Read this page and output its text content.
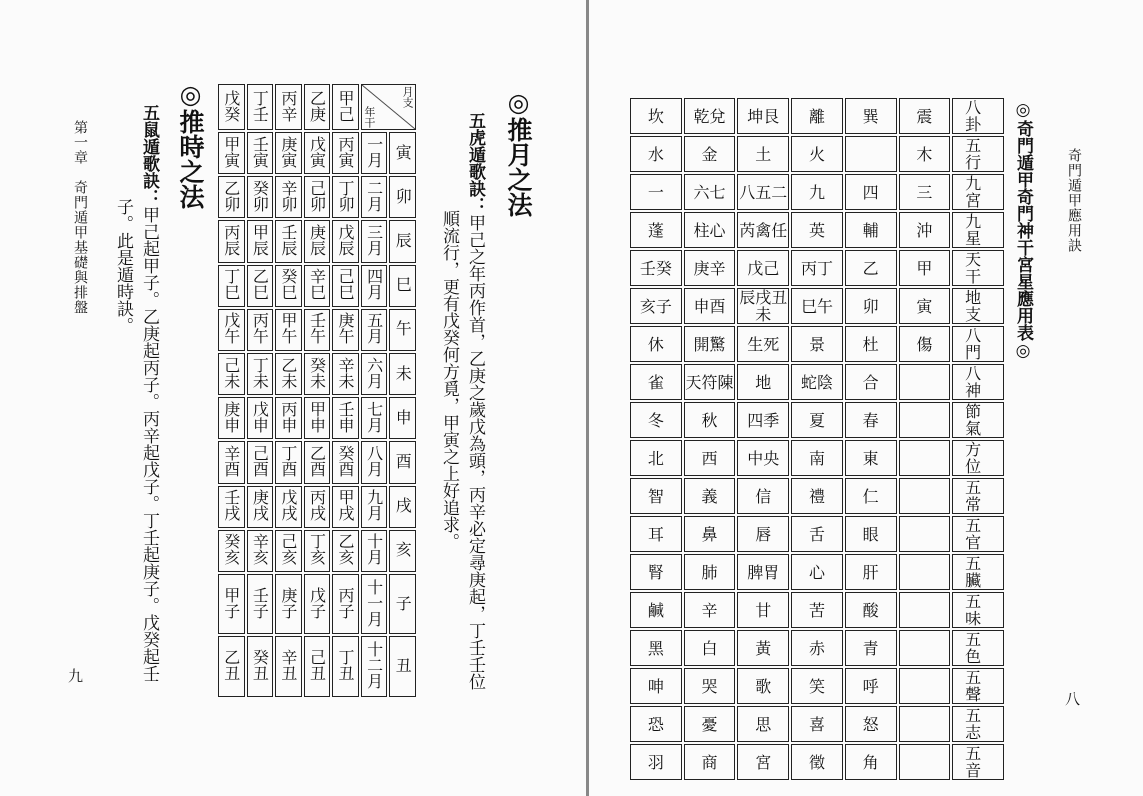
◎推月之法
五虎遁歌訣：甲己之年丙作首，乙庚之歲戊為頭，丙辛必定尋庚起，丁壬壬位
順流行，更有戊癸何方覓，甲寅之上好追求。
戊癸	丁壬	丙辛	乙庚	甲己	月支
年干	

甲寅	壬寅	庚寅	戊寅	丙寅	一月	寅
乙卯	癸卯	辛卯	己卯	丁卯	二月	卯
丙辰	甲辰	壬辰	庚辰	戊辰	三月	辰
丁巳	乙巳	癸巳	辛巳	己巳	四月	巳
戊午	丙午	甲午	壬午	庚午	五月	午
己未	丁未	乙未	癸未	辛未	六月	未
庚申	戊申	丙申	甲申	壬申	七月	申
辛酉	己酉	丁酉	乙酉	癸酉	八月	酉
壬戌	庚戌	戊戌	丙戌	甲戌	九月	戌
癸亥	辛亥	己亥	丁亥	乙亥	十月	亥
甲子	壬子	庚子	戊子	丙子	十一月	子
乙丑	癸丑	辛丑	己丑	丁丑	十二月	丑
◎推時之法
五鼠遁歌訣：甲己起甲子。乙庚起丙子。丙辛起戊子。丁壬起庚子。戊癸起壬
子。此是遁時訣。
第一章　奇門遁甲基礎與排盤
九
◎奇門遁甲奇門神干宮星應用表◎
坎	乾兌	坤艮	離	巽	震	八卦
水	金	土	火		木	五行
一	六七	八五二	九	四	三	九宮
蓬	柱心	芮禽任	英	輔	沖	九星
壬癸	庚辛	戊己	丙丁	乙	甲	天干
亥子	申酉	辰戌丑未	巳午	卯	寅	地支
休	開驚	生死	景	杜	傷	八門
雀	天符陳	地	蛇陰	合		八神
冬	秋	四季	夏	春		節氣
北	西	中央	南	東		方位
智	義	信	禮	仁		五常
耳	鼻	唇	舌	眼		五官
腎	肺	脾胃	心	肝		五臟
鹹	辛	甘	苦	酸		五味
黑	白	黃	赤	青		五色
呻	哭	歌	笑	呼		五聲
恐	憂	思	喜	怒		五志
羽	商	宮	徵	角		五音
奇門遁甲應用訣
八
